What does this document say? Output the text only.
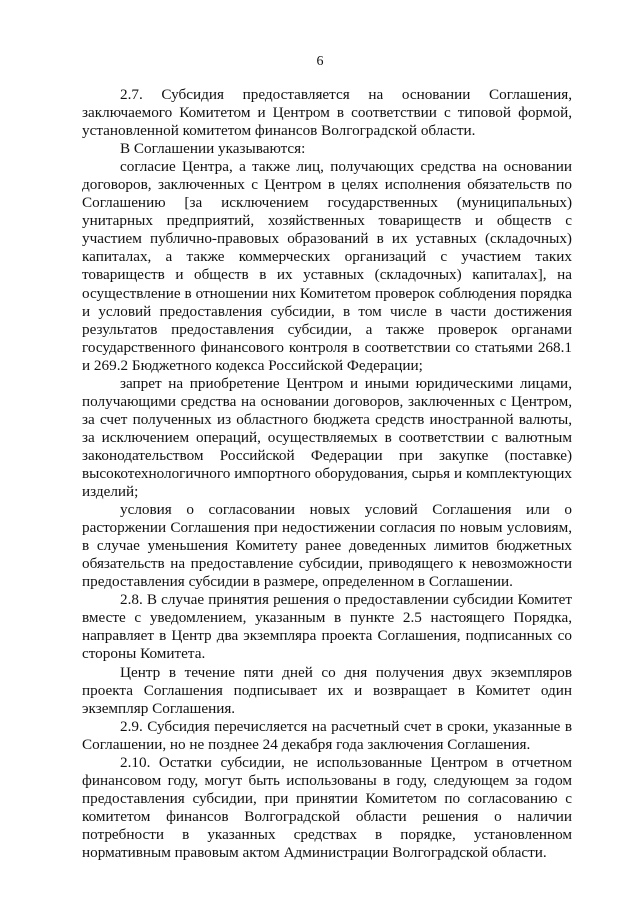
6

2.7. Субсидия предоставляется на основании Соглашения, заключаемого Комитетом и Центром в соответствии с типовой формой, установленной комитетом финансов Волгоградской области.

В Соглашении указываются:

согласие Центра, а также лиц, получающих средства на основании договоров, заключенных с Центром в целях исполнения обязательств по Соглашению [за исключением государственных (муниципальных) унитарных предприятий, хозяйственных товариществ и обществ с участием публично-правовых образований в их уставных (складочных) капиталах, а также коммерческих организаций с участием таких товариществ и обществ в их уставных (складочных) капиталах], на осуществление в отношении них Комитетом проверок соблюдения порядка и условий предоставления субсидии, в том числе в части достижения результатов предоставления субсидии, а также проверок органами государственного финансового контроля в соответствии со статьями 268.1 и 269.2 Бюджетного кодекса Российской Федерации;

запрет на приобретение Центром и иными юридическими лицами, получающими средства на основании договоров, заключенных с Центром, за счет полученных из областного бюджета средств иностранной валюты, за исключением операций, осуществляемых в соответствии с валютным законодательством Российской Федерации при закупке (поставке) высокотехнологичного импортного оборудования, сырья и комплектующих изделий;

условия о согласовании новых условий Соглашения или о расторжении Соглашения при недостижении согласия по новым условиям, в случае уменьшения Комитету ранее доведенных лимитов бюджетных обязательств на предоставление субсидии, приводящего к невозможности предоставления субсидии в размере, определенном в Соглашении.

2.8. В случае принятия решения о предоставлении субсидии Комитет вместе с уведомлением, указанным в пункте 2.5 настоящего Порядка, направляет в Центр два экземпляра проекта Соглашения, подписанных со стороны Комитета.

Центр в течение пяти дней со дня получения двух экземпляров проекта Соглашения подписывает их и возвращает в Комитет один экземпляр Соглашения.

2.9. Субсидия перечисляется на расчетный счет в сроки, указанные в Соглашении, но не позднее 24 декабря года заключения Соглашения.

2.10. Остатки субсидии, не использованные Центром в отчетном финансовом году, могут быть использованы в году, следующем за годом предоставления субсидии, при принятии Комитетом по согласованию с комитетом финансов Волгоградской области решения о наличии потребности в указанных средствах в порядке, установленном нормативным правовым актом Администрации Волгоградской области.
